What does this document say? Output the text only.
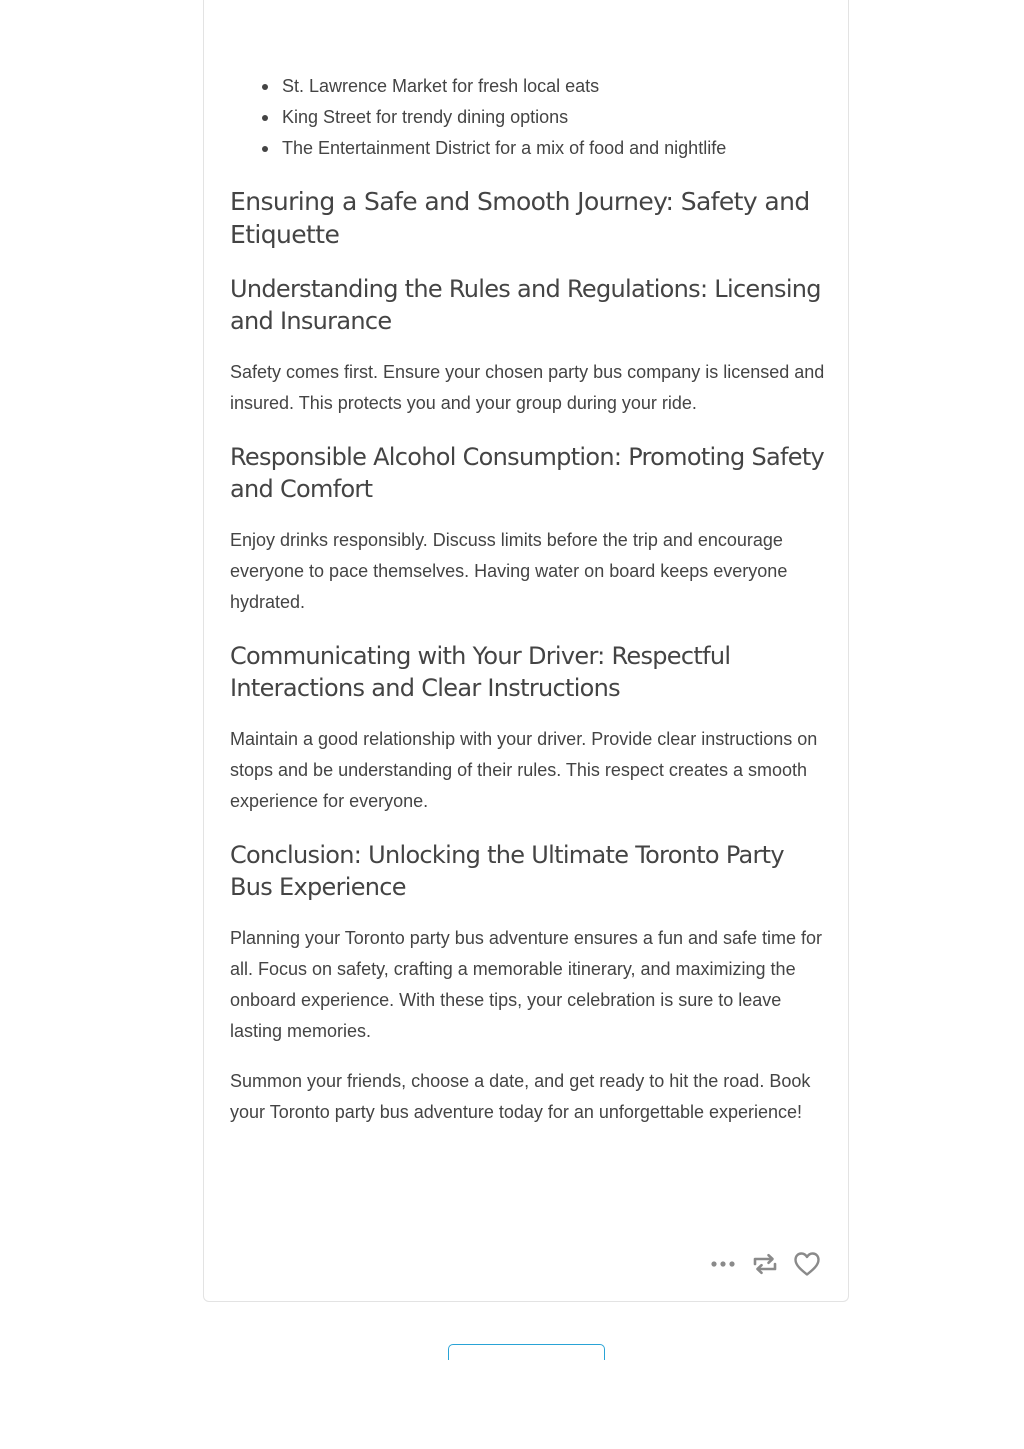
St. Lawrence Market for fresh local eats
King Street for trendy dining options
The Entertainment District for a mix of food and nightlife
Ensuring a Safe and Smooth Journey: Safety and Etiquette
Understanding the Rules and Regulations: Licensing and Insurance

Safety comes first. Ensure your chosen party bus company is licensed and insured. This protects you and your group during your ride.

Responsible Alcohol Consumption: Promoting Safety and Comfort

Enjoy drinks responsibly. Discuss limits before the trip and encourage everyone to pace themselves. Having water on board keeps everyone hydrated.

Communicating with Your Driver: Respectful Interactions and Clear Instructions

Maintain a good relationship with your driver. Provide clear instructions on stops and be understanding of their rules. This respect creates a smooth experience for everyone.

Conclusion: Unlocking the Ultimate Toronto Party Bus Experience

Planning your Toronto party bus adventure ensures a fun and safe time for all. Focus on safety, crafting a memorable itinerary, and maximizing the onboard experience. With these tips, your celebration is sure to leave lasting memories.

Summon your friends, choose a date, and get ready to hit the road. Book your Toronto party bus adventure today for an unforgettable experience!
